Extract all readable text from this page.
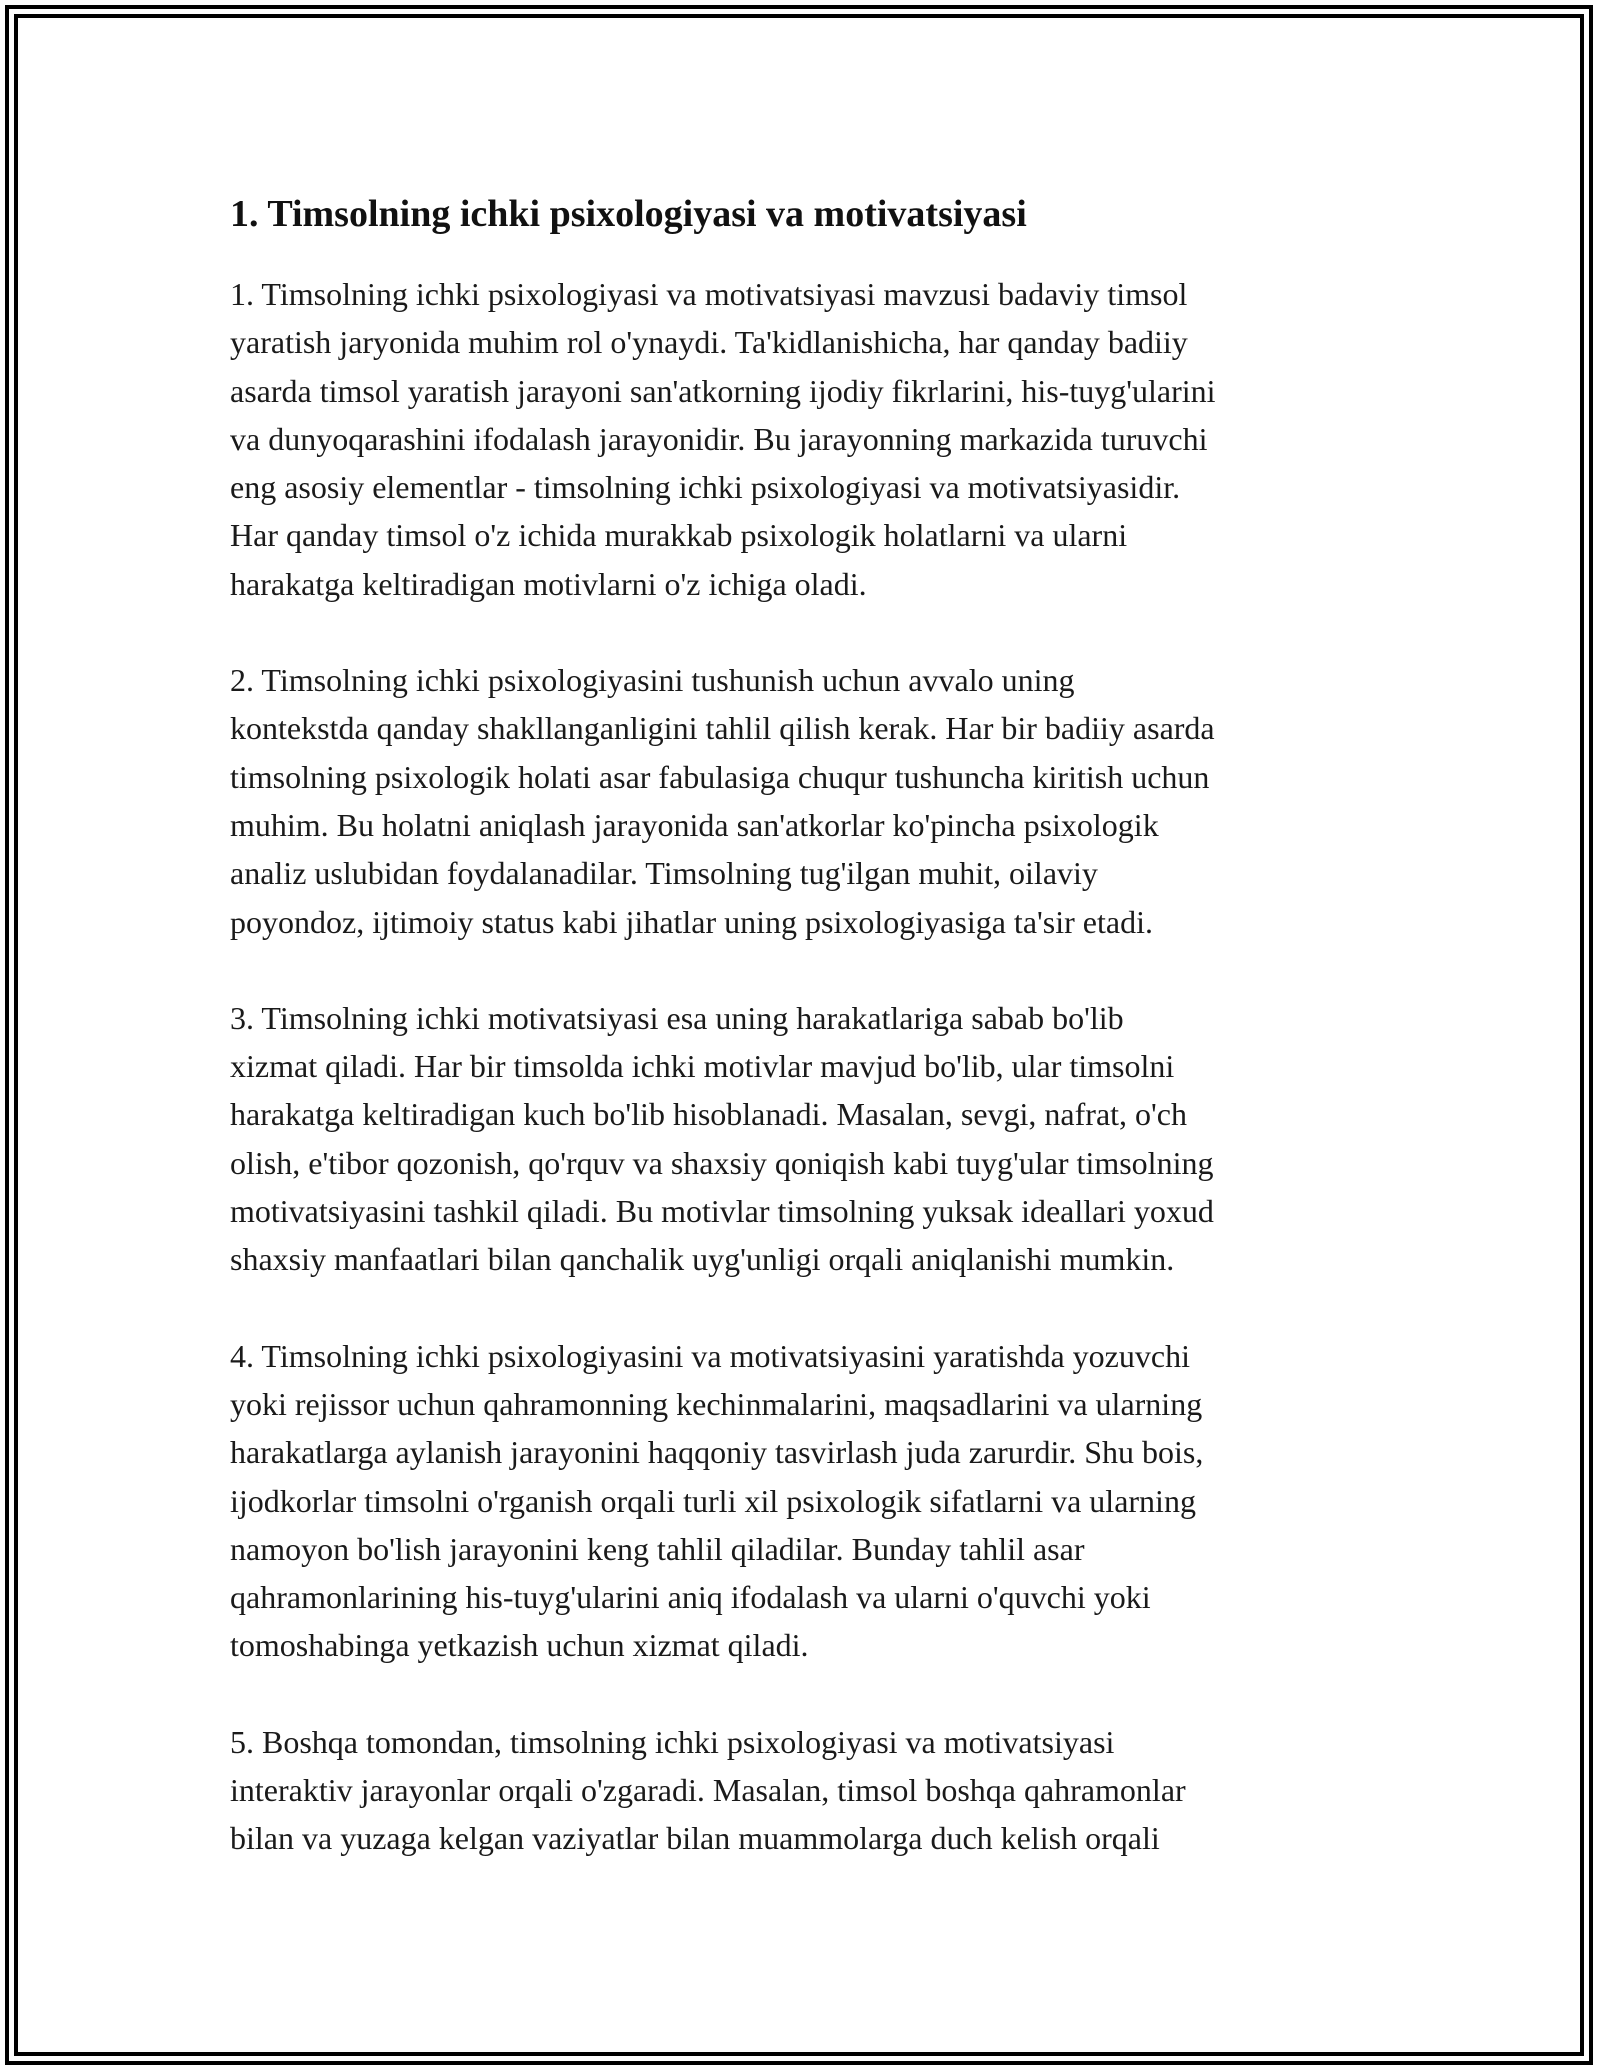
1. Timsolning ichki psixologiyasi va motivatsiyasi

1. Timsolning ichki psixologiyasi va motivatsiyasi mavzusi badaviy timsol
yaratish jaryonida muhim rol o'ynaydi. Ta'kidlanishicha, har qanday badiiy
asarda timsol yaratish jarayoni san'atkorning ijodiy fikrlarini, his-tuyg'ularini
va dunyoqarashini ifodalash jarayonidir. Bu jarayonning markazida turuvchi
eng asosiy elementlar - timsolning ichki psixologiyasi va motivatsiyasidir.
Har qanday timsol o'z ichida murakkab psixologik holatlarni va ularni
harakatga keltiradigan motivlarni o'z ichiga oladi.

2. Timsolning ichki psixologiyasini tushunish uchun avvalo uning
kontekstda qanday shakllanganligini tahlil qilish kerak. Har bir badiiy asarda
timsolning psixologik holati asar fabulasiga chuqur tushuncha kiritish uchun
muhim. Bu holatni aniqlash jarayonida san'atkorlar ko'pincha psixologik
analiz uslubidan foydalanadilar. Timsolning tug'ilgan muhit, oilaviy
poyondoz, ijtimoiy status kabi jihatlar uning psixologiyasiga ta'sir etadi.

3. Timsolning ichki motivatsiyasi esa uning harakatlariga sabab bo'lib
xizmat qiladi. Har bir timsolda ichki motivlar mavjud bo'lib, ular timsolni
harakatga keltiradigan kuch bo'lib hisoblanadi. Masalan, sevgi, nafrat, o'ch
olish, e'tibor qozonish, qo'rquv va shaxsiy qoniqish kabi tuyg'ular timsolning
motivatsiyasini tashkil qiladi. Bu motivlar timsolning yuksak ideallari yoxud
shaxsiy manfaatlari bilan qanchalik uyg'unligi orqali aniqlanishi mumkin.

4. Timsolning ichki psixologiyasini va motivatsiyasini yaratishda yozuvchi
yoki rejissor uchun qahramonning kechinmalarini, maqsadlarini va ularning
harakatlarga aylanish jarayonini haqqoniy tasvirlash juda zarurdir. Shu bois,
ijodkorlar timsolni o'rganish orqali turli xil psixologik sifatlarni va ularning
namoyon bo'lish jarayonini keng tahlil qiladilar. Bunday tahlil asar
qahramonlarining his-tuyg'ularini aniq ifodalash va ularni o'quvchi yoki
tomoshabinga yetkazish uchun xizmat qiladi.

5. Boshqa tomondan, timsolning ichki psixologiyasi va motivatsiyasi
interaktiv jarayonlar orqali o'zgaradi. Masalan, timsol boshqa qahramonlar
bilan va yuzaga kelgan vaziyatlar bilan muammolarga duch kelish orqali
